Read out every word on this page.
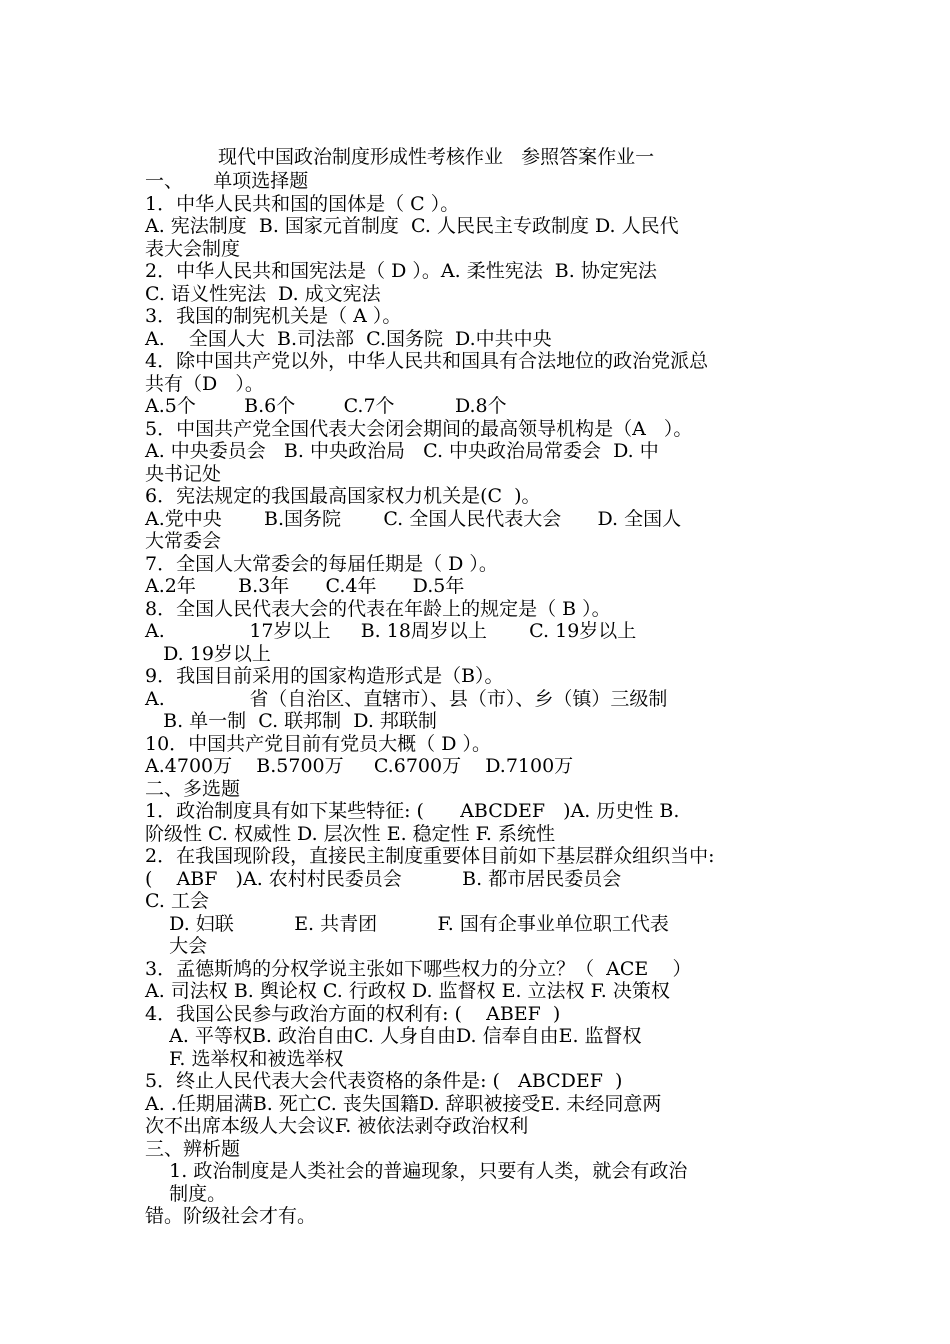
现代中国政治制度形成性考核作业   参照答案作业一
一、     单项选择题
1．中华人民共和国的国体是（ C ）。
A. 宪法制度  B. 国家元首制度  C. 人民民主专政制度 D. 人民代
表大会制度
2．中华人民共和国宪法是（ D ）。A. 柔性宪法  B. 协定宪法
C. 语义性宪法  D. 成文宪法
3．我国的制宪机关是（ A ）。
A.    全国人大  B.司法部  C.国务院  D.中共中央
4．除中国共产党以外，中华人民共和国具有合法地位的政治党派总
共有（D   ）。
A.5个        B.6个        C.7个          D.8个
5．中国共产党全国代表大会闭会期间的最高领导机构是（A   ）。
A. 中央委员会   B. 中央政治局   C. 中央政治局常委会  D. 中
央书记处
6．宪法规定的我国最高国家权力机关是(C  )。
A.党中央       B.国务院       C. 全国人民代表大会      D. 全国人
大常委会
7．全国人大常委会的每届任期是（ D ）。
A.2年       B.3年      C.4年      D.5年
8．全国人民代表大会的代表在年龄上的规定是（ B ）。
A.              17岁以上     B. 18周岁以上       C. 19岁以上
D. 19岁以上
9．我国目前采用的国家构造形式是（B）。
A.              省（自治区、直辖市）、县（市）、乡（镇）三级制
B. 单一制  C. 联邦制  D. 邦联制
10．中国共产党目前有党员大概（ D ）。
A.4700万    B.5700万     C.6700万    D.7100万
二、多选题
1．政治制度具有如下某些特征: (      ABCDEF   )A. 历史性 B.
阶级性 C. 权威性 D. 层次性 E. 稳定性 F. 系统性
2．在我国现阶段，直接民主制度重要体目前如下基层群众组织当中:
(    ABF   )A. 农村村民委员会          B. 都市居民委员会
C. 工会
D. 妇联          E. 共青团          F. 国有企事业单位职工代表
大会
3．孟德斯鸠的分权学说主张如下哪些权力的分立？（  ACE    ）
A. 司法权 B. 舆论权 C. 行政权 D. 监督权 E. 立法权 F. 决策权
4．我国公民参与政治方面的权利有: (    ABEF  )
A. 平等权B. 政治自由C. 人身自由D. 信奉自由E. 监督权
F. 选举权和被选举权
5．终止人民代表大会代表资格的条件是: (   ABCDEF  )
A. .任期届满B. 死亡C. 丧失国籍D. 辞职被接受E. 未经同意两
次不出席本级人大会议F. 被依法剥夺政治权利
三、辨析题
1. 政治制度是人类社会的普遍现象，只要有人类，就会有政治
制度。
错。阶级社会才有。
